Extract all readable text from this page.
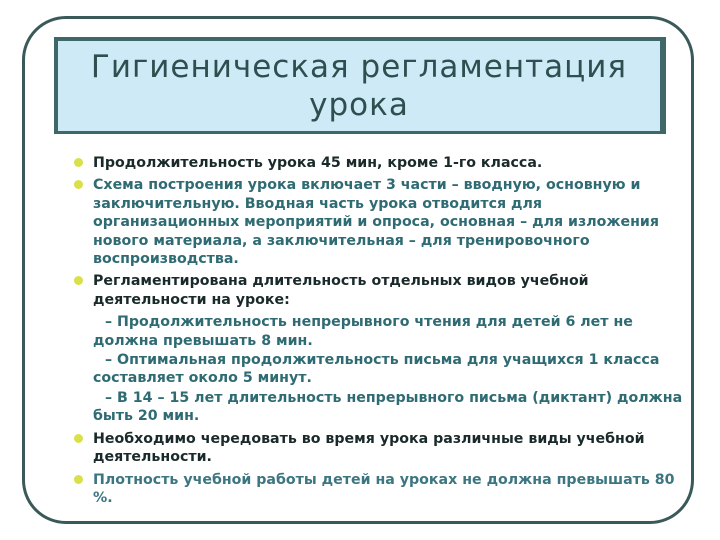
Гигиеническая регламентация урока
Продолжительность урока 45 мин, кроме 1-го класса.
Схема построения урока включает 3 части – вводную, основную и заключительную. Вводная часть урока отводится для организационных мероприятий и опроса, основная – для изложения нового материала, а заключительная – для тренировочного воспроизводства.
Регламентирована длительность отдельных видов учебной деятельности на уроке:
– Продолжительность непрерывного чтения для детей 6 лет не должна превышать 8 мин.
– Оптимальная продолжительность письма для учащихся 1 класса составляет около 5 минут.
– В 14 – 15 лет длительность непрерывного письма (диктант) должна быть 20 мин.
Необходимо чередовать во время урока различные виды учебной деятельности.
Плотность учебной работы детей на уроках не должна превышать 80 %.
